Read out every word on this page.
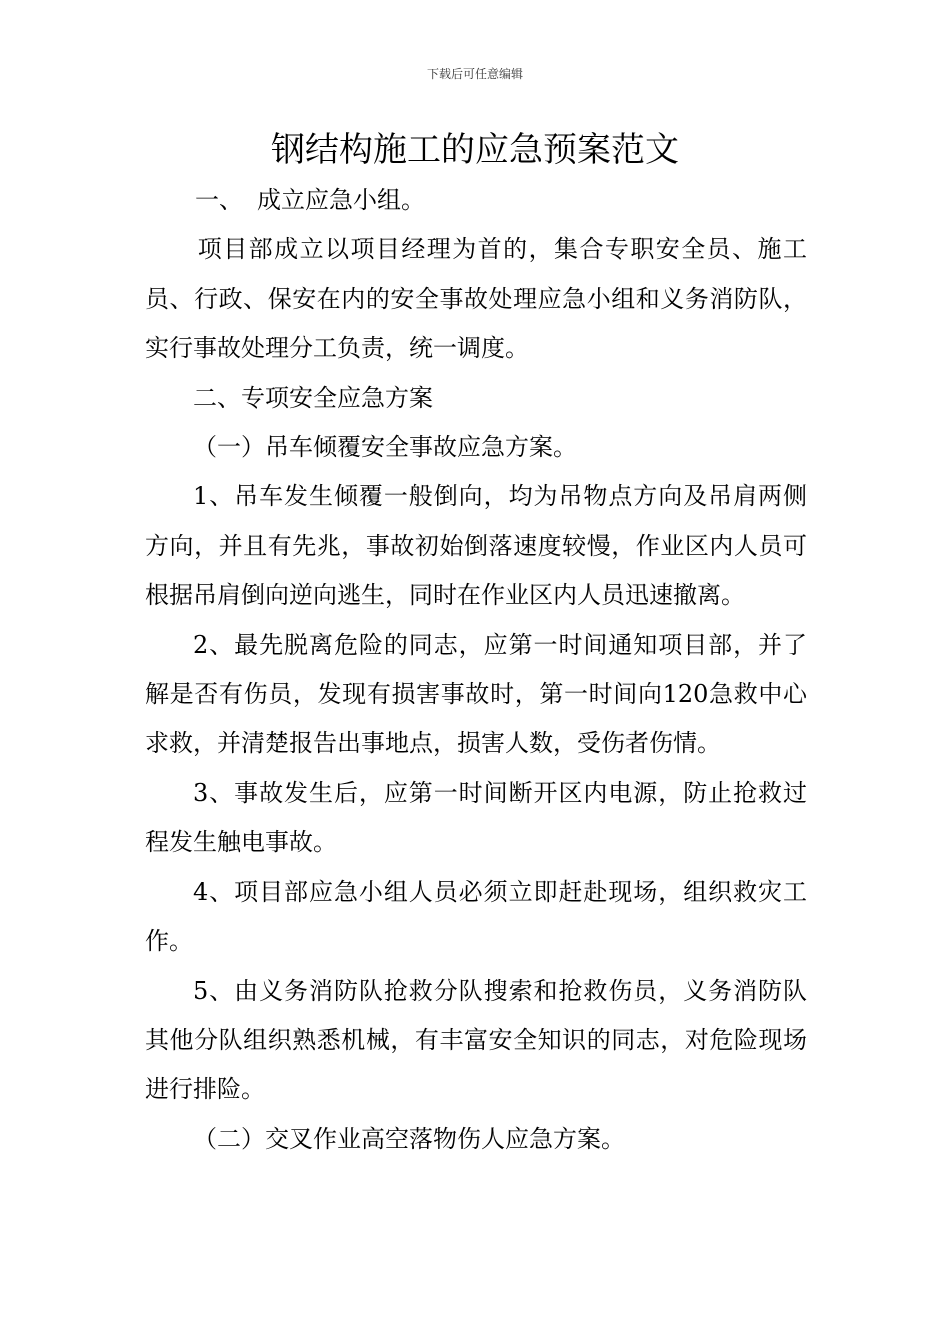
下载后可任意编辑
钢结构施工的应急预案范文

一、 成立应急小组。

项目部成立以项目经理为首的，集合专职安全员、施工员、行政、保安在内的安全事故处理应急小组和义务消防队，实行事故处理分工负责，统一调度。

二、专项安全应急方案

（一）吊车倾覆安全事故应急方案。

1、吊车发生倾覆一般倒向，均为吊物点方向及吊肩两侧方向，并且有先兆，事故初始倒落速度较慢，作业区内人员可根据吊肩倒向逆向逃生，同时在作业区内人员迅速撤离。

2、最先脱离危险的同志，应第一时间通知项目部，并了解是否有伤员，发现有损害事故时，第一时间向120急救中心求救，并清楚报告出事地点，损害人数，受伤者伤情。

3、事故发生后，应第一时间断开区内电源，防止抢救过程发生触电事故。

4、项目部应急小组人员必须立即赶赴现场，组织救灾工作。

5、由义务消防队抢救分队搜索和抢救伤员，义务消防队其他分队组织熟悉机械，有丰富安全知识的同志，对危险现场进行排险。

（二）交叉作业高空落物伤人应急方案。
